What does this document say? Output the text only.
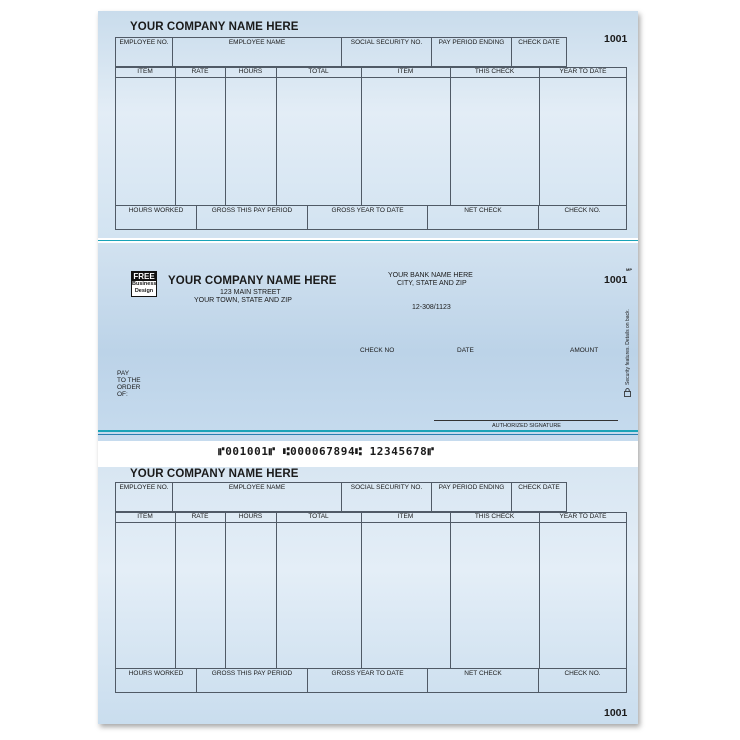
YOUR COMPANY NAME HERE
1001
EMPLOYEE NO.	EMPLOYEE NAME	SOCIAL SECURITY NO.	PAY PERIOD ENDING	CHECK DATE
ITEM	RATE	HOURS	TOTAL	ITEM	THIS CHECK	YEAR TO DATE
HOURS WORKED	GROSS THIS PAY PERIOD	GROSS YEAR TO DATE	NET CHECK	CHECK NO.
FREE
Business Design
YOUR COMPANY NAME HERE
123 MAIN STREET
YOUR TOWN, STATE AND ZIP
YOUR BANK NAME HERE
CITY, STATE AND ZIP
12-308/1123
1001
MP
CHECK NO	DATE	AMOUNT
PAY
TO THE
ORDER
OF:
AUTHORIZED SIGNATURE
Security features. Details on back.
⑈001001⑈ ⑆000067894⑆ 12345678⑈
YOUR COMPANY NAME HERE
EMPLOYEE NO.	EMPLOYEE NAME	SOCIAL SECURITY NO.	PAY PERIOD ENDING	CHECK DATE
ITEM	RATE	HOURS	TOTAL	ITEM	THIS CHECK	YEAR TO DATE
HOURS WORKED	GROSS THIS PAY PERIOD	GROSS YEAR TO DATE	NET CHECK	CHECK NO.
1001
